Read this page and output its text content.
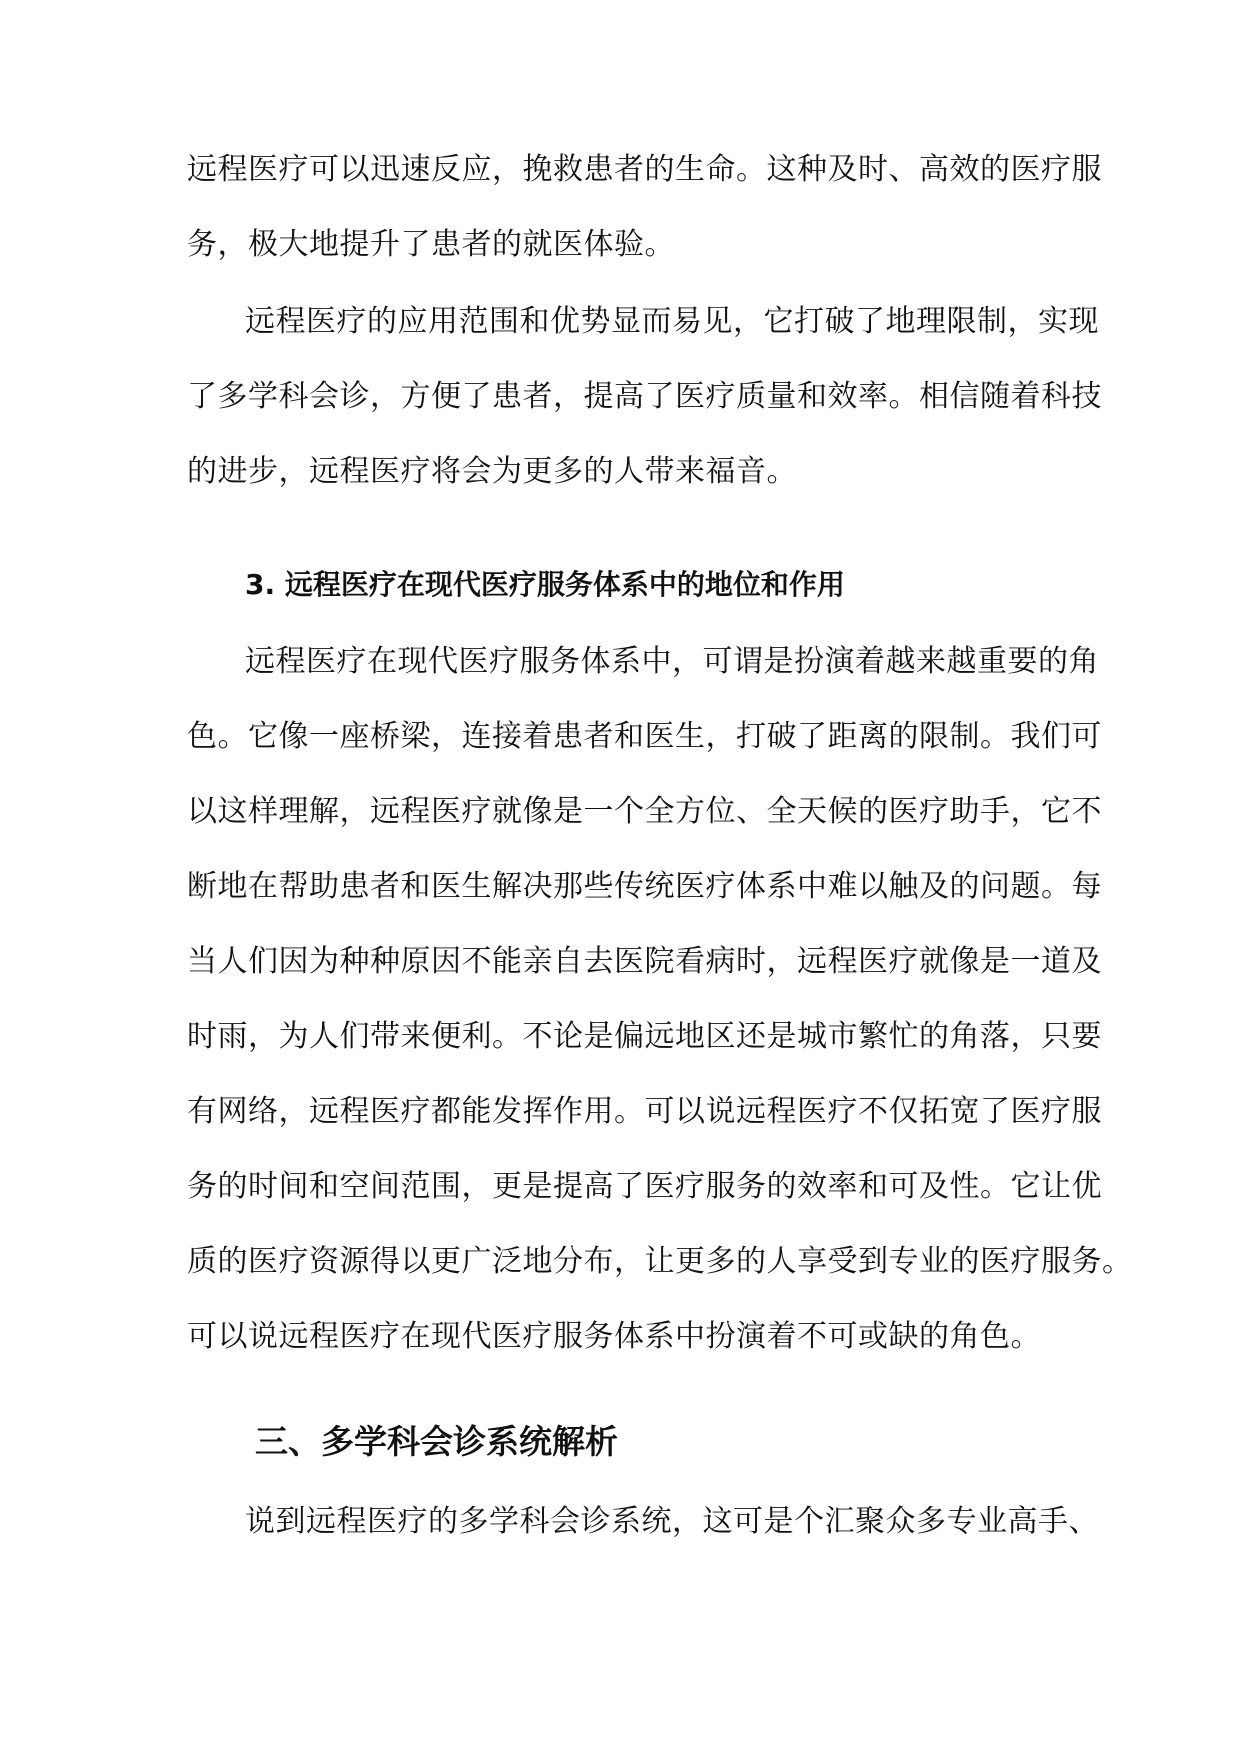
远程医疗可以迅速反应，挽救患者的生命。这种及时、高效的医疗服
务，极大地提升了患者的就医体验。
远程医疗的应用范围和优势显而易见，它打破了地理限制，实现
了多学科会诊，方便了患者，提高了医疗质量和效率。相信随着科技
的进步，远程医疗将会为更多的人带来福音。
3. 远程医疗在现代医疗服务体系中的地位和作用
远程医疗在现代医疗服务体系中，可谓是扮演着越来越重要的角
色。它像一座桥梁，连接着患者和医生，打破了距离的限制。我们可
以这样理解，远程医疗就像是一个全方位、全天候的医疗助手，它不
断地在帮助患者和医生解决那些传统医疗体系中难以触及的问题。每
当人们因为种种原因不能亲自去医院看病时，远程医疗就像是一道及
时雨，为人们带来便利。不论是偏远地区还是城市繁忙的角落，只要
有网络，远程医疗都能发挥作用。可以说远程医疗不仅拓宽了医疗服
务的时间和空间范围，更是提高了医疗服务的效率和可及性。它让优
质的医疗资源得以更广泛地分布，让更多的人享受到专业的医疗服务。
可以说远程医疗在现代医疗服务体系中扮演着不可或缺的角色。
三、多学科会诊系统解析
说到远程医疗的多学科会诊系统，这可是个汇聚众多专业高手、
